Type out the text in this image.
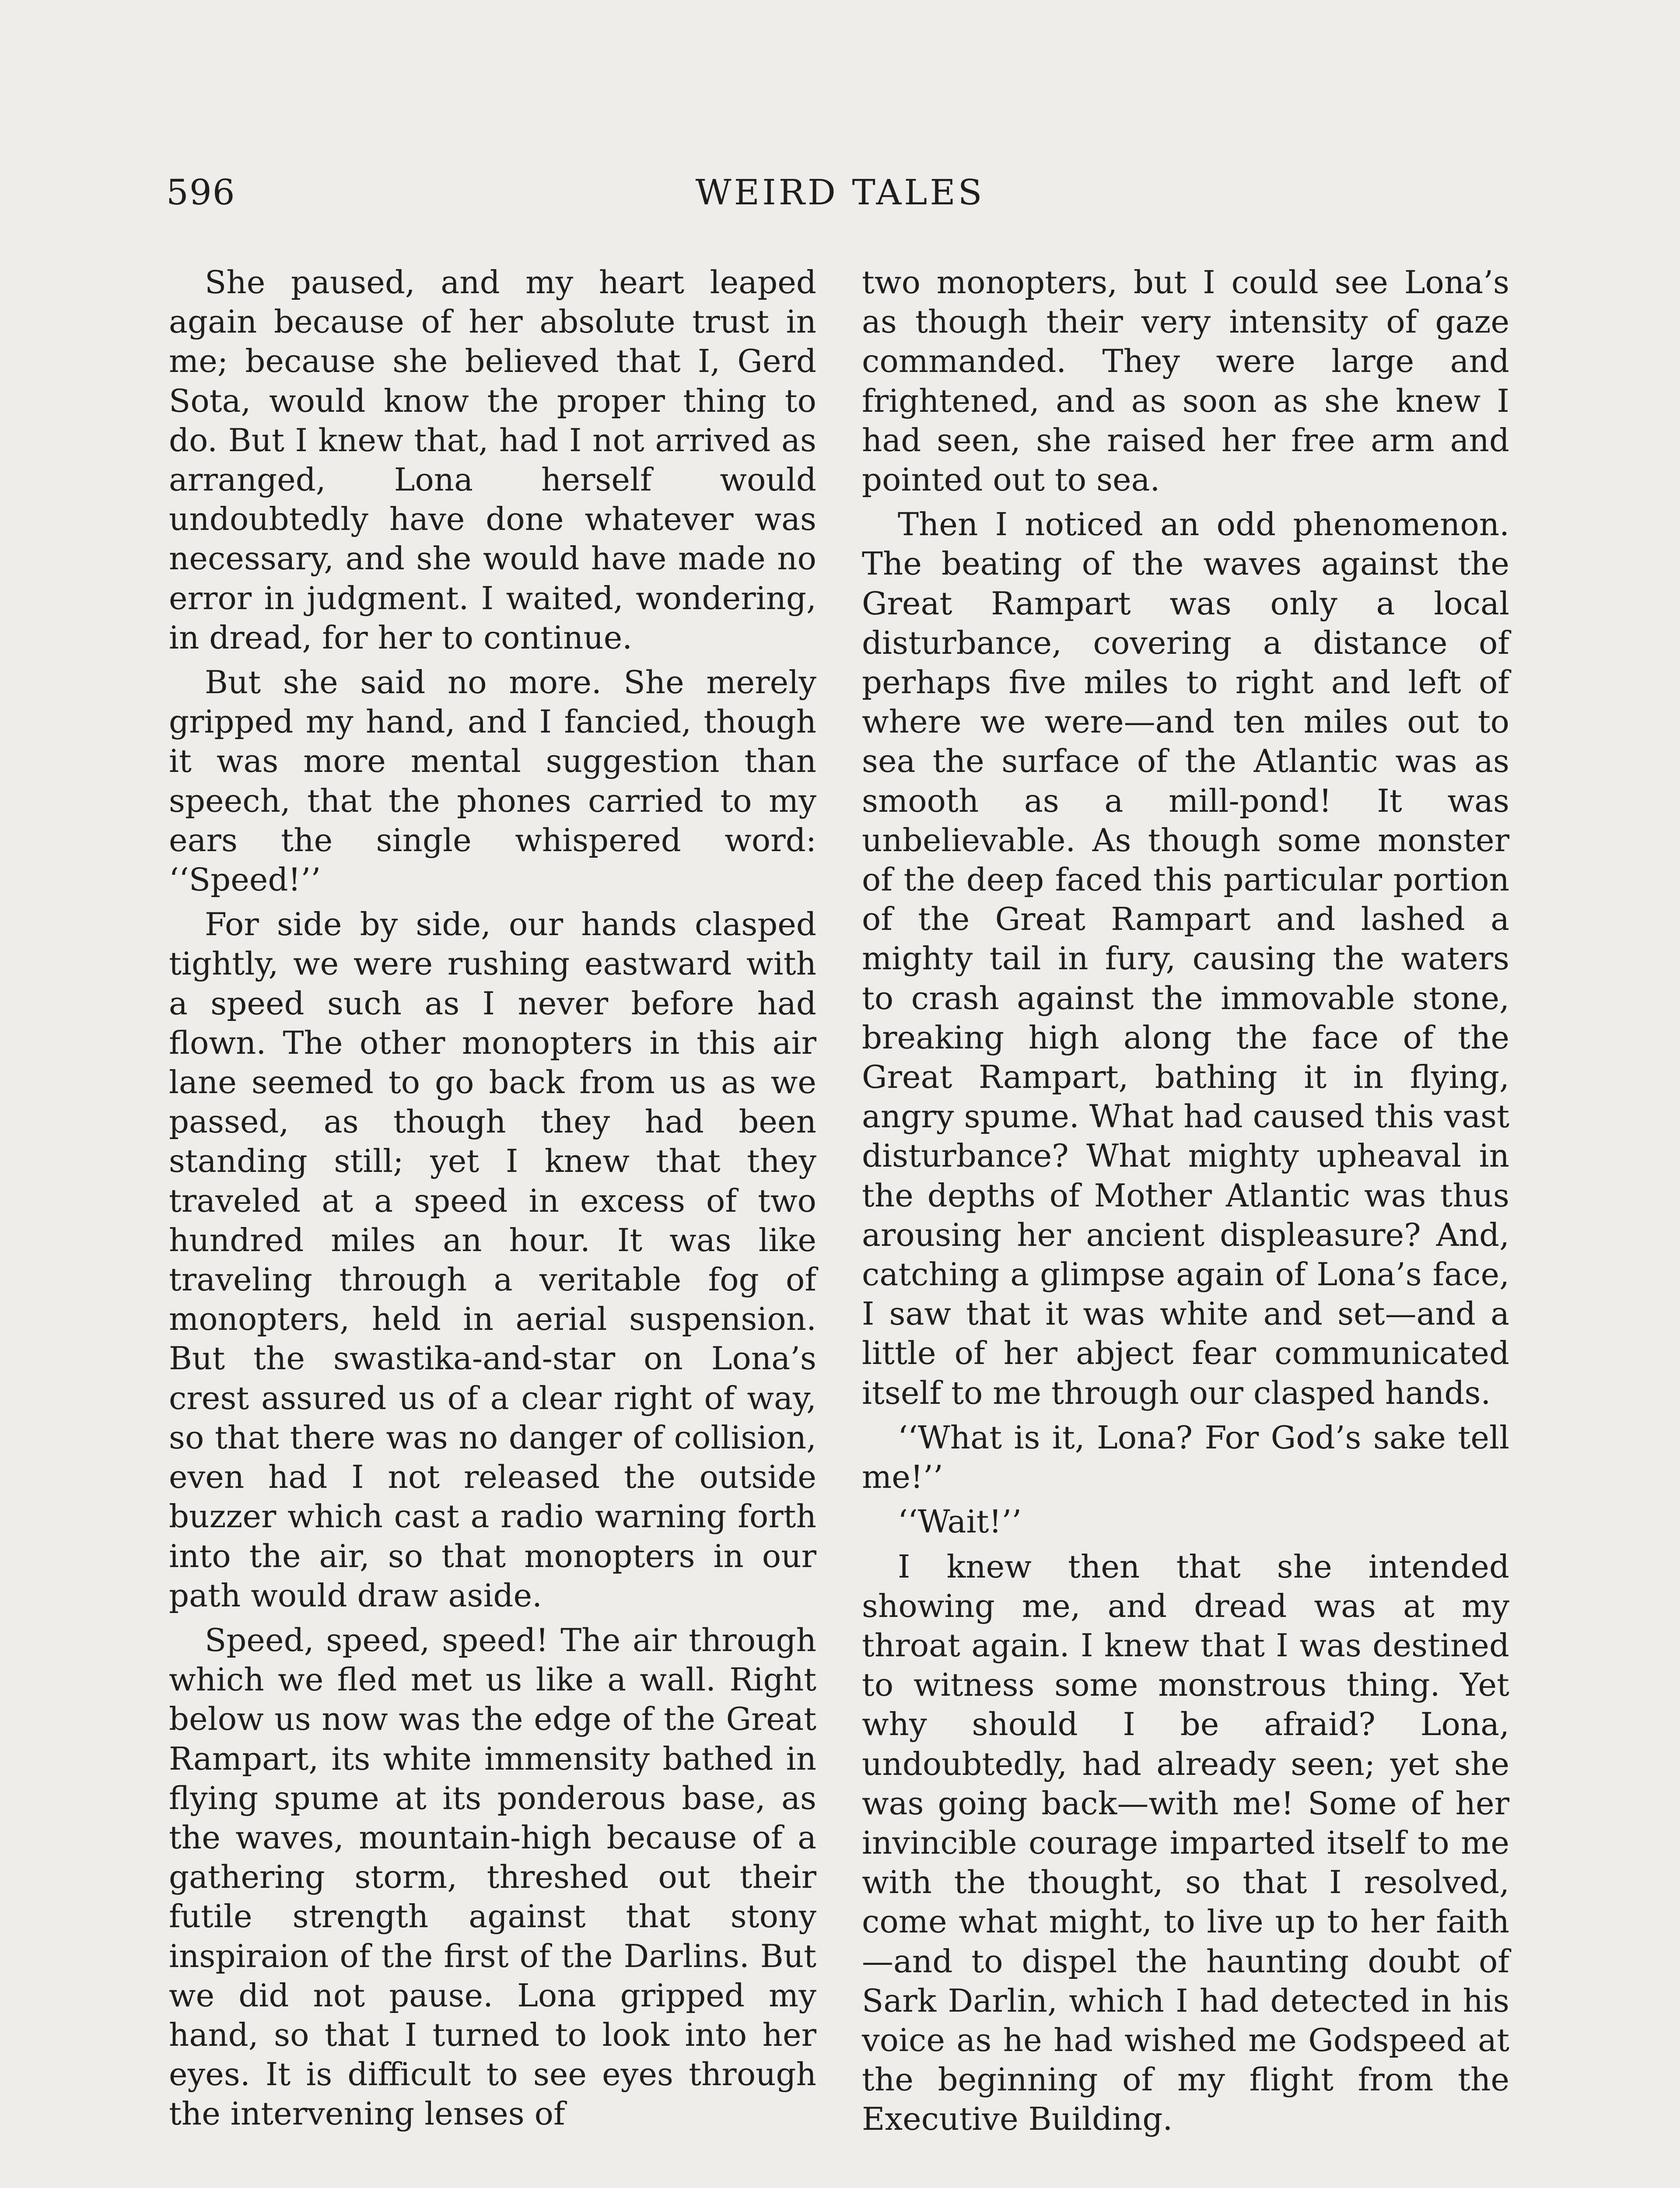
596	WEIRD TALES

She paused, and my heart leaped again because of her absolute trust in me; because she believed that I, Gerd Sota, would know the proper thing to do. But I knew that, had I not arrived as arranged, Lona herself would undoubtedly have done whatever was necessary, and she would have made no error in judgment. I waited, wondering, in dread, for her to continue.

But she said no more. She merely gripped my hand, and I fancied, though it was more mental suggestion than speech, that the phones carried to my ears the single whispered word: ‘‘Speed!’’

For side by side, our hands clasped tightly, we were rushing eastward with a speed such as I never before had flown. The other monopters in this air lane seemed to go back from us as we passed, as though they had been standing still; yet I knew that they traveled at a speed in excess of two hundred miles an hour. It was like traveling through a veritable fog of monopters, held in aerial suspension. But the swastika-and-star on Lona’s crest assured us of a clear right of way, so that there was no danger of collision, even had I not released the outside buzzer which cast a radio warning forth into the air, so that monopters in our path would draw aside.

Speed, speed, speed! The air through which we fled met us like a wall. Right below us now was the edge of the Great Rampart, its white immensity bathed in flying spume at its ponderous base, as the waves, mountain-high because of a gathering storm, threshed out their futile strength against that stony inspiraion of the first of the Darlins. But we did not pause. Lona gripped my hand, so that I turned to look into her eyes. It is difficult to see eyes through the intervening lenses of

two monopters, but I could see Lona’s as though their very intensity of gaze commanded. They were large and frightened, and as soon as she knew I had seen, she raised her free arm and pointed out to sea.

Then I noticed an odd phenomenon. The beating of the waves against the Great Rampart was only a local disturbance, covering a distance of perhaps five miles to right and left of where we were—and ten miles out to sea the surface of the Atlantic was as smooth as a mill-pond! It was unbelievable. As though some monster of the deep faced this particular portion of the Great Rampart and lashed a mighty tail in fury, causing the waters to crash against the immovable stone, breaking high along the face of the Great Rampart, bathing it in flying, angry spume. What had caused this vast disturbance? What mighty upheaval in the depths of Mother Atlantic was thus arousing her ancient displeasure? And, catching a glimpse again of Lona’s face, I saw that it was white and set—and a little of her abject fear communicated itself to me through our clasped hands.

‘‘What is it, Lona? For God’s sake tell me!’’

‘‘Wait!’’

I knew then that she intended showing me, and dread was at my throat again. I knew that I was destined to witness some monstrous thing. Yet why should I be afraid? Lona, undoubtedly, had already seen; yet she was going back—with me! Some of her invincible courage imparted itself to me with the thought, so that I resolved, come what might, to live up to her faith—and to dispel the haunting doubt of Sark Darlin, which I had detected in his voice as he had wished me Godspeed at the beginning of my flight from the Executive Building.
